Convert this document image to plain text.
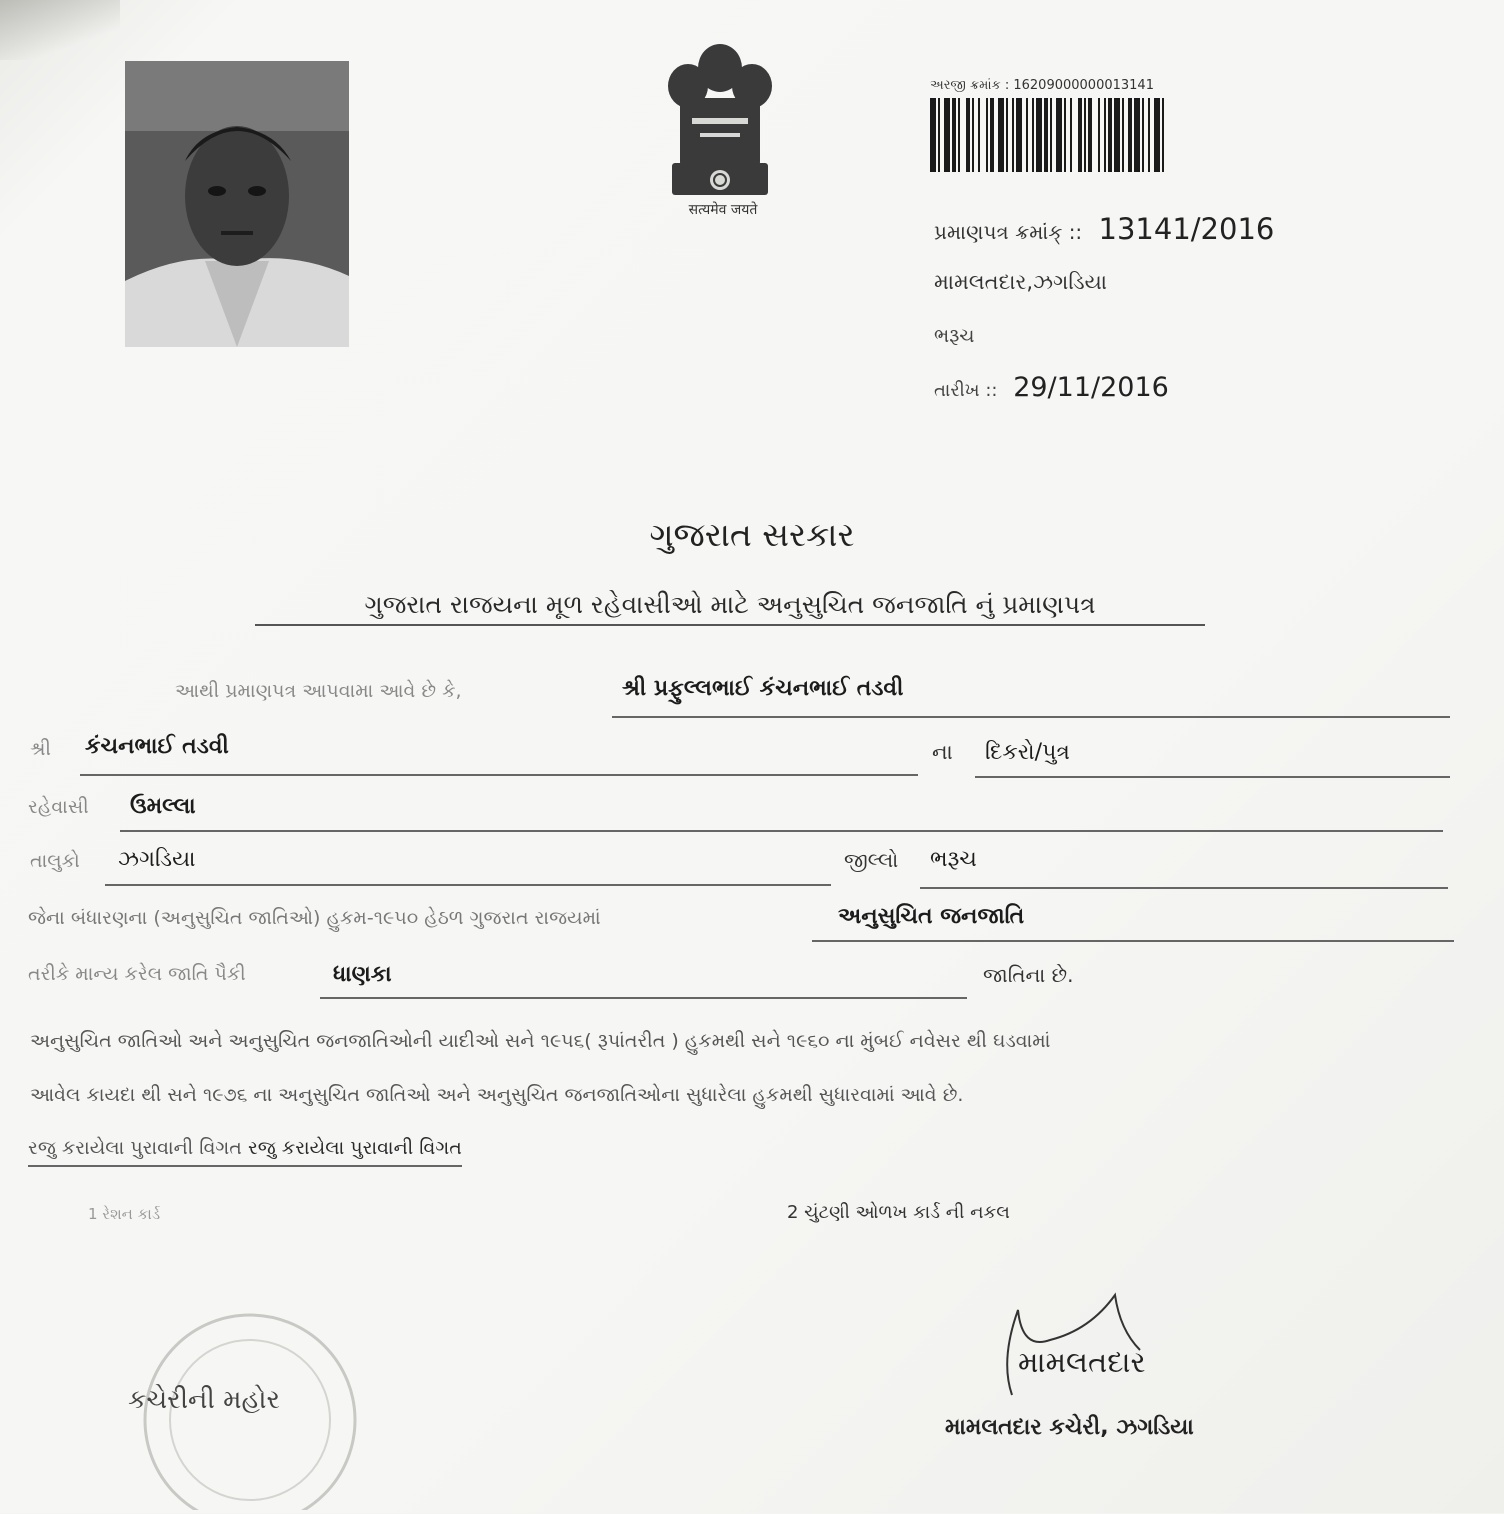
सत्यमेव जयते
અરજી ક્રમાંક : 16209000000013141
પ્રમાણપત્ર ક્રમાંક્ :: 13141/2016
મામલતદાર,ઝગડિયા
ભરૂચ
તારીખ :: 29/11/2016
ગુજરાત સરકાર
ગુજરાત રાજયના મૂળ રહેવાસીઓ માટે અનુસુચિત જનજાતિ નું પ્રમાણપત્ર
આથી પ્રમાણપત્ર આપવામા આવે છે કે,	શ્રી પ્રફુલ્લભાઈ કંચનભાઈ તડવી
શ્રી કંચનભાઈ તડવી	ના દિકરો/પુત્ર
રહેવાસી ઉમલ્લા
તાલુકો ઝગડિયા	જીલ્લો ભરૂચ
જેના બંધારણના (અનુસુચિત જાતિઓ) હુકમ-૧૯૫૦ હેઠળ ગુજરાત રાજયમાં	અનુસુચિત જનજાતિ
તરીકે માન્ય કરેલ જાતિ પૈકી	ધાણકા	જાતિના છે.
અનુસુચિત જાતિઓ અને અનુસુચિત જનજાતિઓની યાદીઓ સને ૧૯૫૬( રૂપાંતરીત ) હુકમથી સને ૧૯૬૦ ના મુંબઈ નવેસર થી ઘડવામાં
આવેલ કાયદા થી સને ૧૯૭૬ ના અનુસુચિત જાતિઓ અને અનુસુચિત જનજાતિઓના સુધારેલા હુકમથી સુધારવામાં આવે છે.
રજુ કરાયેલા પુરાવાની વિગત રજુ કરાયેલા પુરાવાની વિગત
1 રેશન કાર્ડ	2 ચુંટણી ઓળખ કાર્ડ ની નકલ
કચેરીની મહોર
મામલતદાર
મામલતદાર કચેરી, ઝગડિયા
